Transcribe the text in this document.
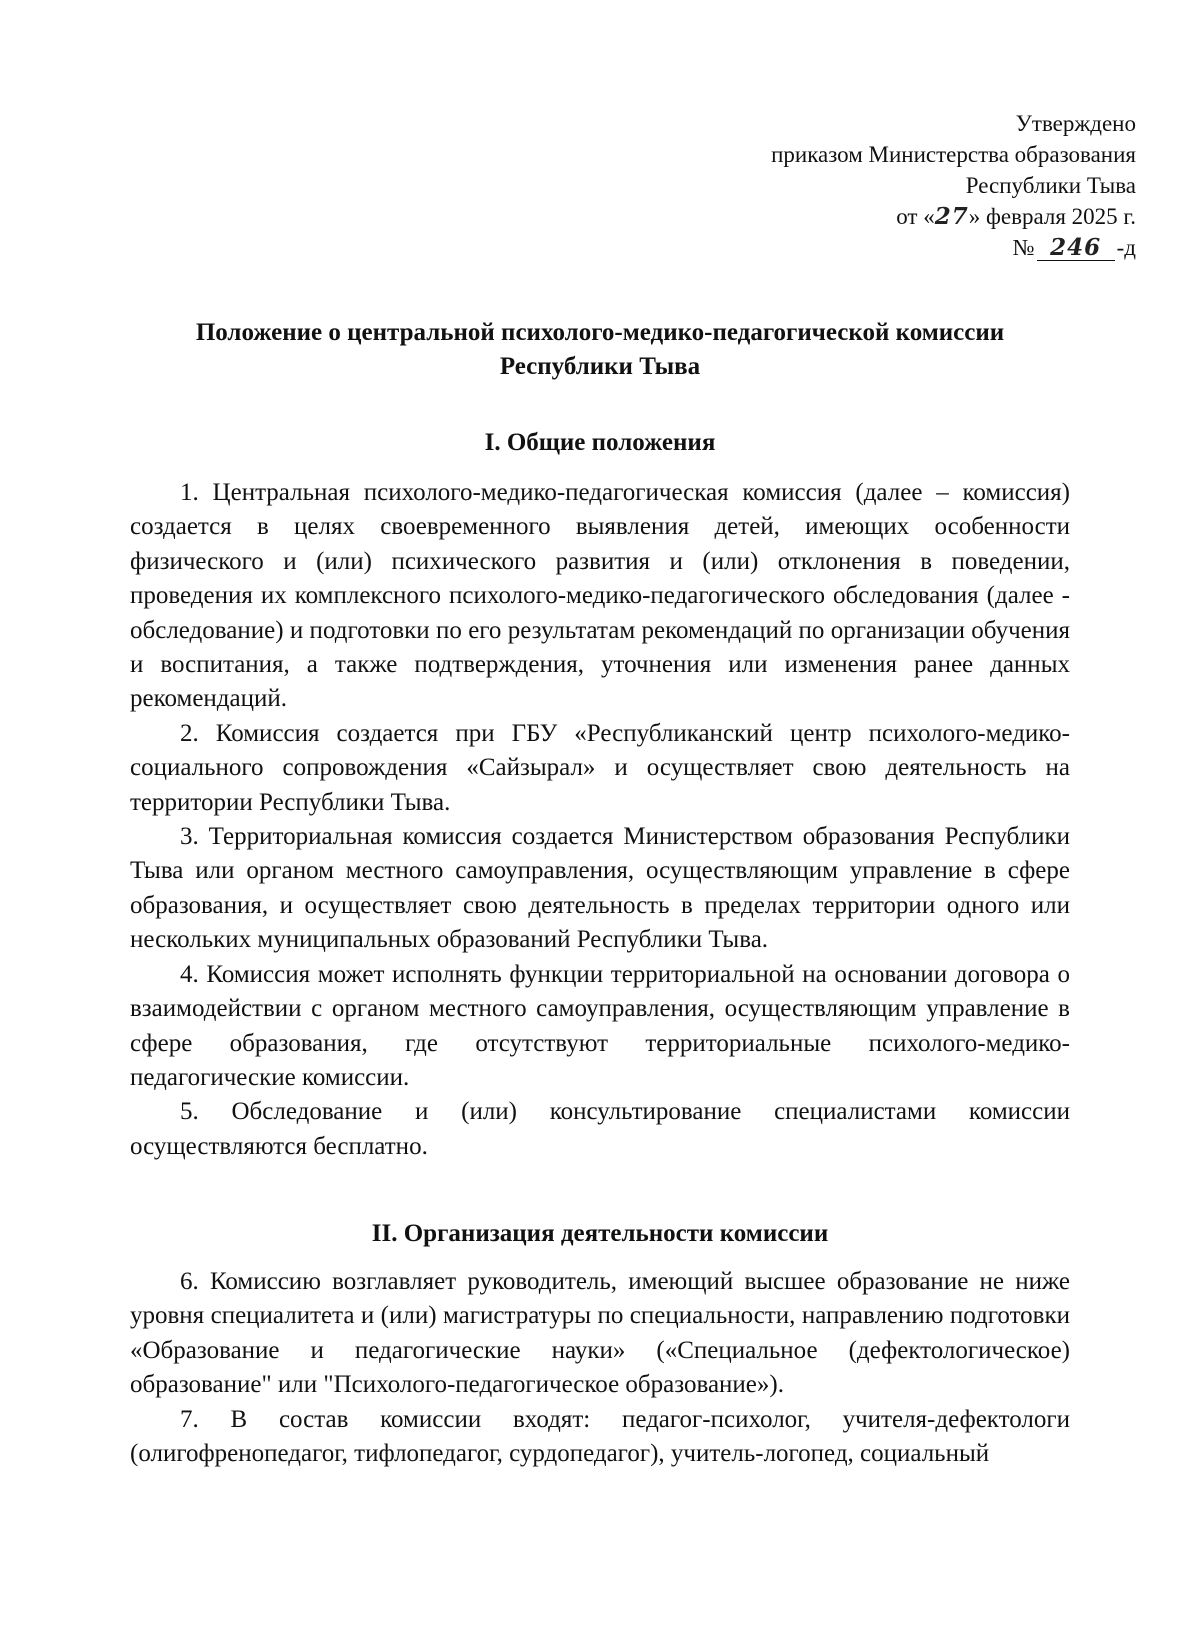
Утверждено
приказом Министерства образования
Республики Тыва
от «27» февраля 2025 г.
№ 246 -д
Положение о центральной психолого-медико-педагогической комиссии
Республики Тыва
I. Общие положения

1. Центральная психолого-медико-педагогическая комиссия (далее – комиссия) создается в целях своевременного выявления детей, имеющих особенности физического и (или) психического развития и (или) отклонения в поведении, проведения их комплексного психолого-медико-педагогического обследования (далее - обследование) и подготовки по его результатам рекомендаций по организации обучения и воспитания, а также подтверждения, уточнения или изменения ранее данных рекомендаций.

2. Комиссия создается при ГБУ «Республиканский центр психолого-медико-социального сопровождения «Сайзырал» и осуществляет свою деятельность на территории Республики Тыва.

3. Территориальная комиссия создается Министерством образования Республики Тыва или органом местного самоуправления, осуществляющим управление в сфере образования, и осуществляет свою деятельность в пределах территории одного или нескольких муниципальных образований Республики Тыва.

4. Комиссия может исполнять функции территориальной на основании договора о взаимодействии с органом местного самоуправления, осуществляющим управление в сфере образования, где отсутствуют территориальные психолого-медико-педагогические комиссии.

5. Обследование и (или) консультирование специалистами комиссии осуществляются бесплатно.

II. Организация деятельности комиссии

6. Комиссию возглавляет руководитель, имеющий высшее образование не ниже уровня специалитета и (или) магистратуры по специальности, направлению подготовки «Образование и педагогические науки» («Специальное (дефектологическое) образование" или "Психолого-педагогическое образование»).

7. В состав комиссии входят: педагог-психолог, учителя-дефектологи (олигофренопедагог, тифлопедагог, сурдопедагог), учитель-логопед, социальный
